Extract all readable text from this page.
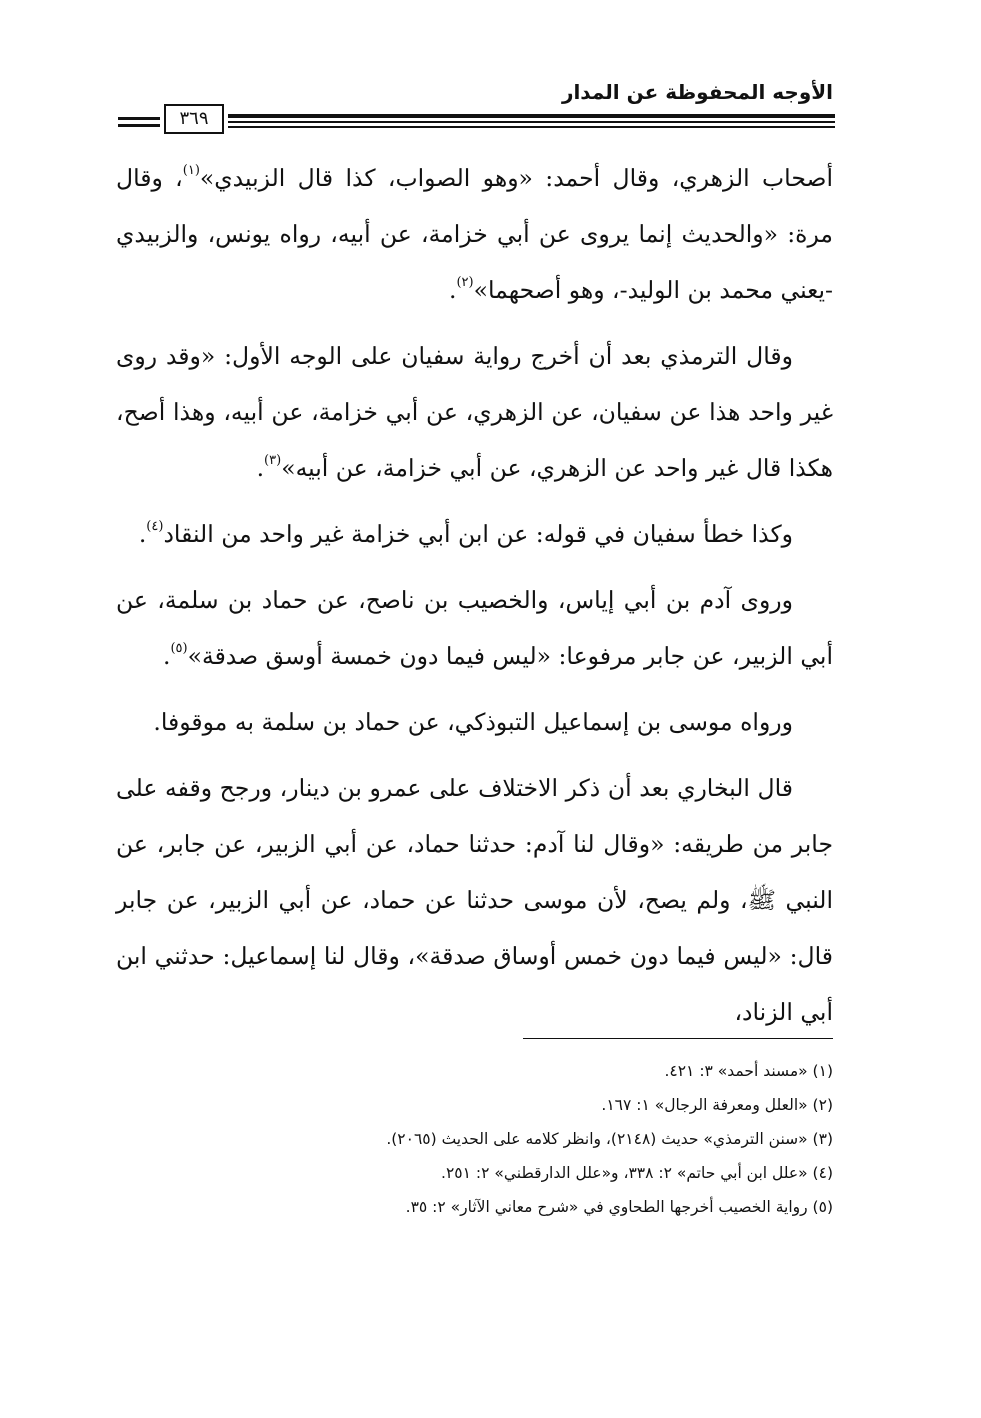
الأوجه المحفوظة عن المدار
٣٦٩

أصحاب الزهري، وقال أحمد: «وهو الصواب، كذا قال الزبيدي»$^{(١)}$، وقال مرة: «والحديث إنما يروى عن أبي خزامة، عن أبيه، رواه يونس، والزبيدي -يعني محمد بن الوليد-، وهو أصحهما»$^{(٢)}$.

وقال الترمذي بعد أن أخرج رواية سفيان على الوجه الأول: «وقد روى غير واحد هذا عن سفيان، عن الزهري، عن أبي خزامة، عن أبيه، وهذا أصح، هكذا قال غير واحد عن الزهري، عن أبي خزامة، عن أبيه»$^{(٣)}$.

وكذا خطأ سفيان في قوله: عن ابن أبي خزامة غير واحد من النقاد$^{(٤)}$.

وروى آدم بن أبي إياس، والخصيب بن ناصح، عن حماد بن سلمة، عن أبي الزبير، عن جابر مرفوعا: «ليس فيما دون خمسة أوسق صدقة»$^{(٥)}$.

ورواه موسى بن إسماعيل التبوذكي، عن حماد بن سلمة به موقوفا.

قال البخاري بعد أن ذكر الاختلاف على عمرو بن دينار، ورجح وقفه على جابر من طريقه: «وقال لنا آدم: حدثنا حماد، عن أبي الزبير، عن جابر، عن النبي ﷺ، ولم يصح، لأن موسى حدثنا عن حماد، عن أبي الزبير، عن جابر قال: «ليس فيما دون خمس أوساق صدقة»، وقال لنا إسماعيل: حدثني ابن أبي الزناد،

(١) «مسند أحمد» ٣: ٤٢١.

(٢) «العلل ومعرفة الرجال» ١: ١٦٧.

(٣) «سنن الترمذي» حديث (٢١٤٨)، وانظر كلامه على الحديث (٢٠٦٥).

(٤) «علل ابن أبي حاتم» ٢: ٣٣٨، و«علل الدارقطني» ٢: ٢٥١.

(٥) رواية الخصيب أخرجها الطحاوي في «شرح معاني الآثار» ٢: ٣٥.
